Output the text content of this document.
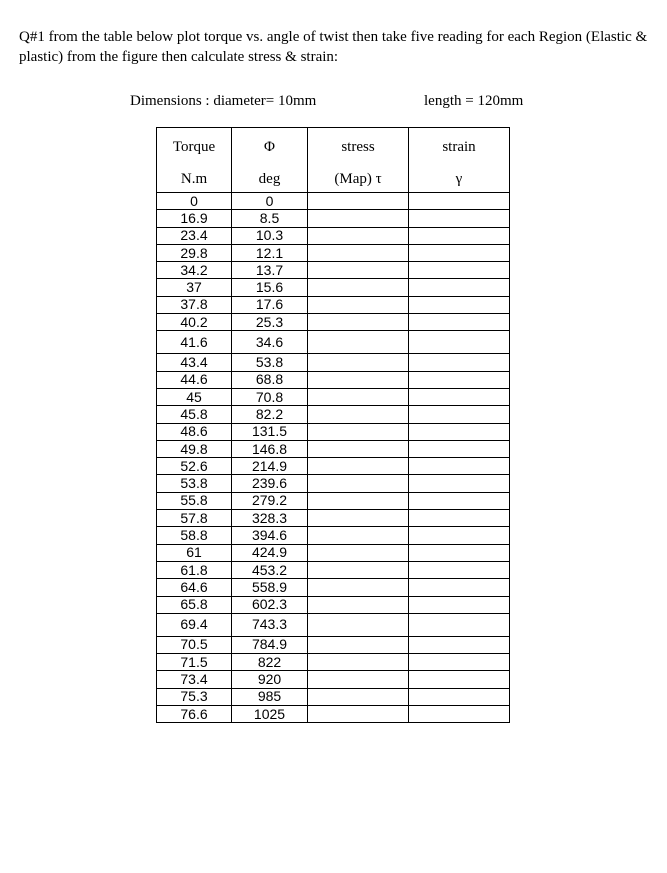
Q#1 from the table below plot torque vs. angle of twist then take five reading for each Region (Elastic & plastic) from the figure then calculate stress & strain:
Dimensions : diameter= 10mm	length = 120mm
Torque	Φ	stress	strain
N.m	deg	(Map) τ	γ
0	0		
16.9	8.5		
23.4	10.3		
29.8	12.1		
34.2	13.7		
37	15.6		
37.8	17.6		
40.2	25.3		
41.6	34.6		
43.4	53.8		
44.6	68.8		
45	70.8		
45.8	82.2		
48.6	131.5		
49.8	146.8		
52.6	214.9		
53.8	239.6		
55.8	279.2		
57.8	328.3		
58.8	394.6		
61	424.9		
61.8	453.2		
64.6	558.9		
65.8	602.3		
69.4	743.3		
70.5	784.9		
71.5	822		
73.4	920		
75.3	985		
76.6	1025		
